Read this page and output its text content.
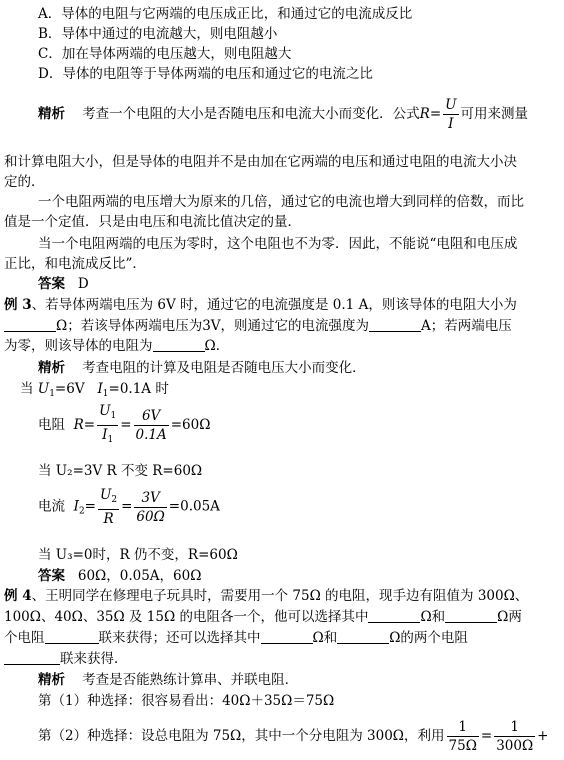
A．导体的电阻与它两端的电压成正比，和通过它的电流成反比
B．导体中通过的电流越大，则电阻越小
C．加在导体两端的电压越大，则电阻越大
D．导体的电阻等于导体两端的电压和通过它的电流之比
精析 考查一个电阻的大小是否随电压和电流大小而变化．公式$R= \frac{U}{I}$ 可用来测量
和计算电阻大小，但是导体的电阻并不是由加在它两端的电压和通过电阻的电流大小决
定的．
一个电阻两端的电压增大为原来的几倍，通过它的电流也增大到同样的倍数，而比
值是一个定值．只是由电压和电流比值决定的量．
当一个电阻两端的电压为零时，这个电阻也不为零．因此，不能说“电阻和电压成
正比，和电流成反比”．
答案 D
例 3、若导体两端电压为 6V 时，通过它的电流强度是 0.1 A，则该导体的电阻大小为
Ω；若该导体两端电压为3V，则通过它的电流强度为	A；若两端电压
为零，则该导体的电阻为	Ω．
精析 考查电阻的计算及电阻是否随电压大小而变化．
当 $U_1=6V$ $I_1=0.1A$ 时
电阻 $R= \frac{U_1}{I_1} = \frac{6V}{0.1A} =60\Omega$
当 U₂=3V R 不变 R=60Ω
电流 $I_2= \frac{U_2}{R} = \frac{3V}{60\Omega} =0.05A$
当 U₃=0时，R 仍不变，R=60Ω
答案 60Ω，0.05A，60Ω
例 4、王明同学在修理电子玩具时，需要用一个 75Ω 的电阻，现手边有阻值为 300Ω、
100Ω、40Ω、35Ω 及 15Ω 的电阻各一个，他可以选择其中	Ω和	Ω两
个电阻	联来获得；还可以选择其中	Ω和	Ω的两个电阻
联来获得．
精析 考查是否能熟练计算串、并联电阻．
第（1）种选择：很容易看出：40Ω＋35Ω＝75Ω
第（2）种选择：设总电阻为 75Ω，其中一个分电阻为 300Ω，利用 $\frac{1}{75\Omega} = \frac{1}{300\Omega}$ +
